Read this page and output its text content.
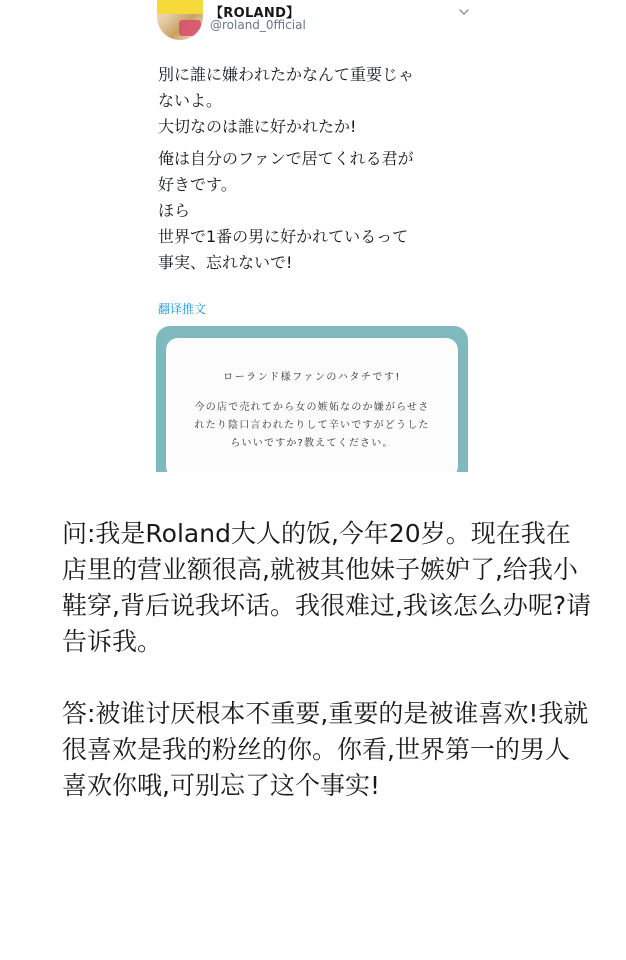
【ROLAND】
@roland_0fficial

別に誰に嫌われたかなんて重要じゃ
ないよ。
大切なのは誰に好かれたか!

俺は自分のファンで居てくれる君が
好きです。
ほら
世界で1番の男に好かれているって
事実、忘れないで!

翻译推文
ローランド様ファンのハタチです!
今の店で売れてから女の嫉妬なのか嫌がらせさ
れたり陰口言われたりして辛いですがどうした
らいいですか?教えてください。

问:我是Roland大人的饭,今年20岁。现在我在店里的营业额很高,就被其他妹子嫉妒了,给我小鞋穿,背后说我坏话。我很难过,我该怎么办呢?请告诉我。

答:被谁讨厌根本不重要,重要的是被谁喜欢!我就很喜欢是我的粉丝的你。你看,世界第一的男人喜欢你哦,可别忘了这个事实!
